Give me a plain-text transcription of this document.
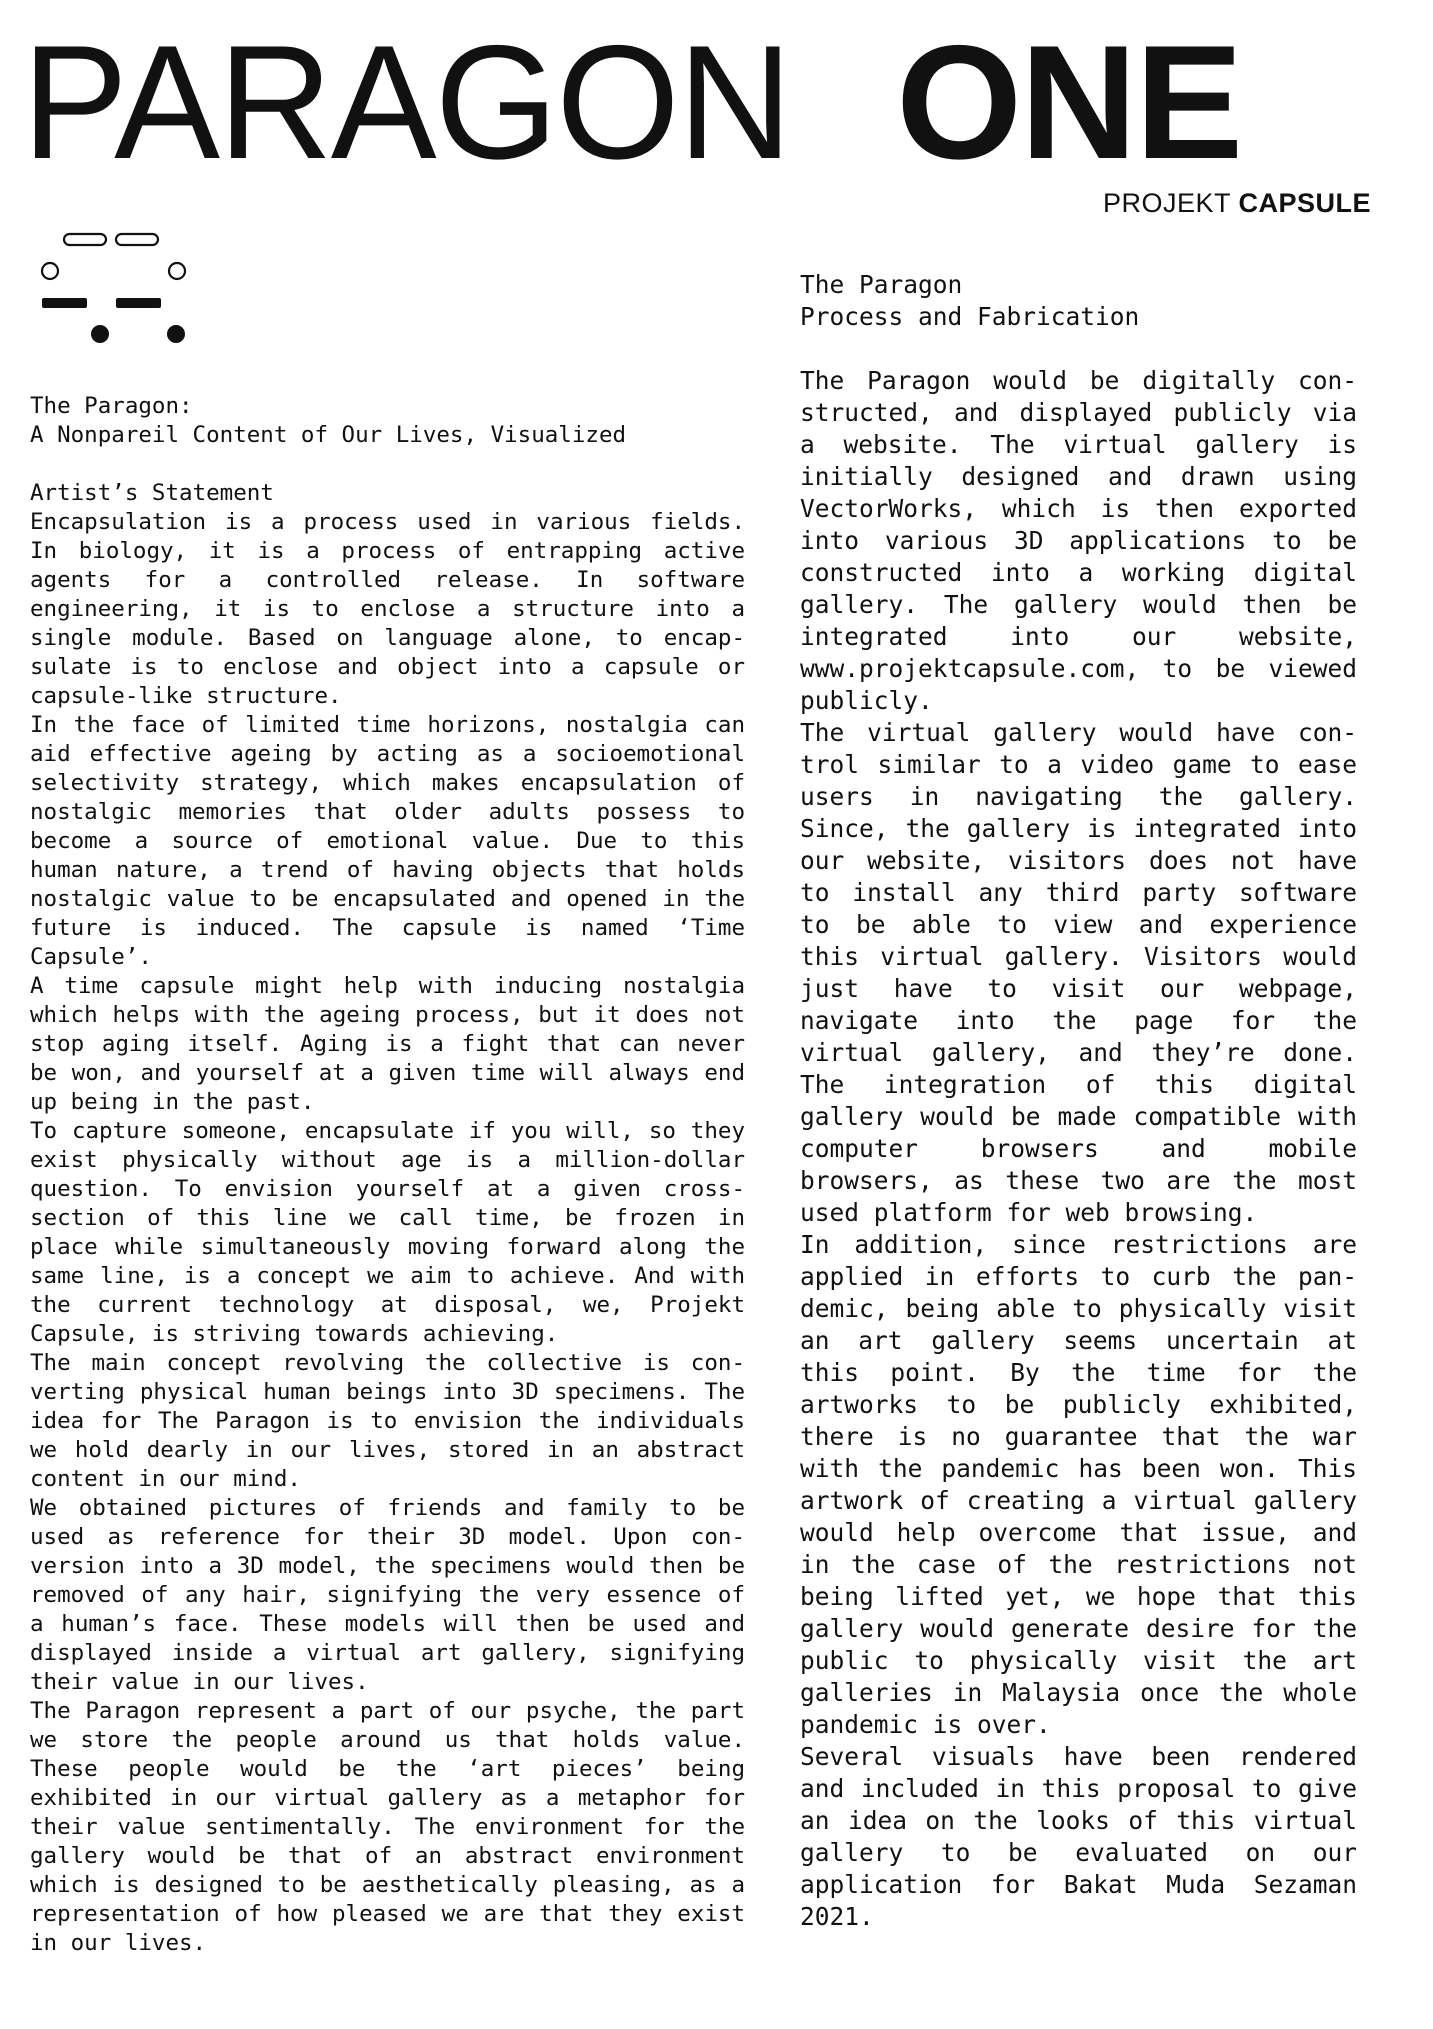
PARAGON ONE
PROJEKT CAPSULE

The Paragon:

A Nonpareil Content of Our Lives, Visualized

Artist’s Statement

Encapsulation is a process used in various fields. In biology, it is a process of entrapping active agents for a controlled release. In software engineering, it is to enclose a structure into a single module. Based on language alone, to encapsulate is to enclose and object into a capsule or capsule-like structure.

In the face of limited time horizons, nostalgia can aid effective ageing by acting as a socioemotional selectivity strategy, which makes encapsulation of nostalgic memories that older adults possess to become a source of emotional value. Due to this human nature, a trend of having objects that holds nostalgic value to be encapsulated and opened in the future is induced. The capsule is named ‘Time Capsule’.

A time capsule might help with inducing nostalgia which helps with the ageing process, but it does not stop aging itself. Aging is a fight that can never be won, and yourself at a given time will always end up being in the past.

To capture someone, encapsulate if you will, so they exist physically without age is a million-dollar question. To envision yourself at a given cross-section of this line we call time, be frozen in place while simultaneously moving forward along the same line, is a concept we aim to achieve. And with the current technology at disposal, we, Projekt Capsule, is striving towards achieving.

The main concept revolving the collective is converting physical human beings into 3D specimens. The idea for The Paragon is to envision the individuals we hold dearly in our lives, stored in an abstract content in our mind.

We obtained pictures of friends and family to be used as reference for their 3D model. Upon conversion into a 3D model, the specimens would then be removed of any hair, signifying the very essence of a human’s face. These models will then be used and displayed inside a virtual art gallery, signifying their value in our lives.

The Paragon represent a part of our psyche, the part we store the people around us that holds value. These people would be the ‘art pieces’ being exhibited in our virtual gallery as a metaphor for their value sentimentally. The environment for the gallery would be that of an abstract environment which is designed to be aesthetically pleasing, as a representation of how pleased we are that they exist in our lives.

The Paragon

Process and Fabrication

The Paragon would be digitally constructed, and displayed publicly via a website. The virtual gallery is initially designed and drawn using VectorWorks, which is then exported into various 3D applications to be constructed into a working digital gallery. The gallery would then be integrated into our website, www.projektcapsule.com, to be viewed publicly.

The virtual gallery would have control similar to a video game to ease users in navigating the gallery. Since, the gallery is integrated into our website, visitors does not have to install any third party software to be able to view and experience this virtual gallery. Visitors would just have to visit our webpage, navigate into the page for the virtual gallery, and they’re done. The integration of this digital gallery would be made compatible with computer browsers and mobile browsers, as these two are the most used platform for web browsing.

In addition, since restrictions are applied in efforts to curb the pandemic, being able to physically visit an art gallery seems uncertain at this point. By the time for the artworks to be publicly exhibited, there is no guarantee that the war with the pandemic has been won. This artwork of creating a virtual gallery would help overcome that issue, and in the case of the restrictions not being lifted yet, we hope that this gallery would generate desire for the public to physically visit the art galleries in Malaysia once the whole pandemic is over.

Several visuals have been rendered and included in this proposal to give an idea on the looks of this virtual gallery to be evaluated on our application for Bakat Muda Sezaman 2021.
